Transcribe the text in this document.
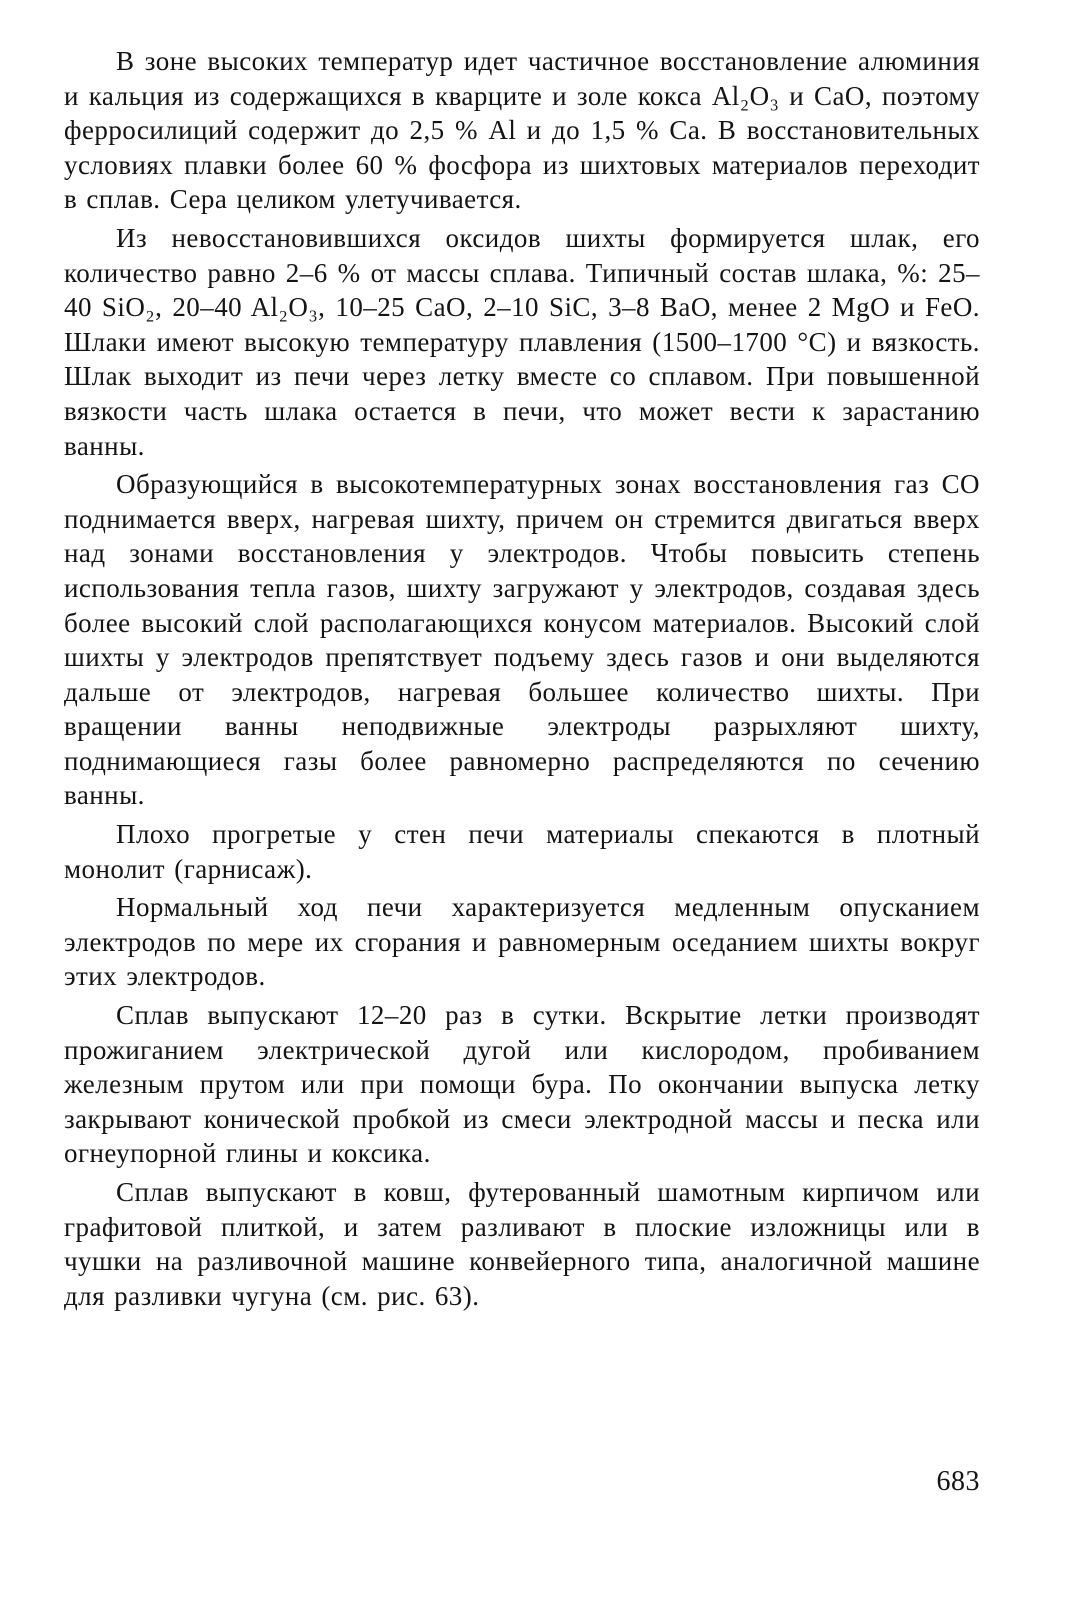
В зоне высоких температур идет частичное восстановление алюминия и кальция из содержащихся в кварците и золе кокса Al₂O₃ и CaO, поэтому ферросилиций содержит до 2,5 % Al и до 1,5 % Ca. В восстановительных условиях плавки более 60 % фосфора из шихтовых материалов переходит в сплав. Сера целиком улетучивается.

Из невосстановившихся оксидов шихты формируется шлак, его количество равно 2–6 % от массы сплава. Типичный состав шлака, %: 25–40 SiO₂, 20–40 Al₂O₃, 10–25 CaO, 2–10 SiC, 3–8 BaO, менее 2 MgO и FeO. Шлаки имеют высокую температуру плавления (1500–1700 °C) и вязкость. Шлак выходит из печи через летку вместе со сплавом. При повышенной вязкости часть шлака остается в печи, что может вести к зарастанию ванны.

Образующийся в высокотемпературных зонах восстановления газ CO поднимается вверх, нагревая шихту, причем он стремится двигаться вверх над зонами восстановления у электродов. Чтобы повысить степень использования тепла газов, шихту загружают у электродов, создавая здесь более высокий слой располагающихся конусом материалов. Высокий слой шихты у электродов препятствует подъему здесь газов и они выделяются дальше от электродов, нагревая большее количество шихты. При вращении ванны неподвижные электроды разрыхляют шихту, поднимающиеся газы более равномерно распределяются по сечению ванны.

Плохо прогретые у стен печи материалы спекаются в плотный монолит (гарнисаж).

Нормальный ход печи характеризуется медленным опусканием электродов по мере их сгорания и равномерным оседанием шихты вокруг этих электродов.

Сплав выпускают 12–20 раз в сутки. Вскрытие летки производят прожиганием электрической дугой или кислородом, пробиванием железным прутом или при помощи бура. По окончании выпуска летку закрывают конической пробкой из смеси электродной массы и песка или огнеупорной глины и коксика.

Сплав выпускают в ковш, футерованный шамотным кирпичом или графитовой плиткой, и затем разливают в плоские изложницы или в чушки на разливочной машине конвейерного типа, аналогичной машине для разливки чугуна (см. рис. 63).

683
